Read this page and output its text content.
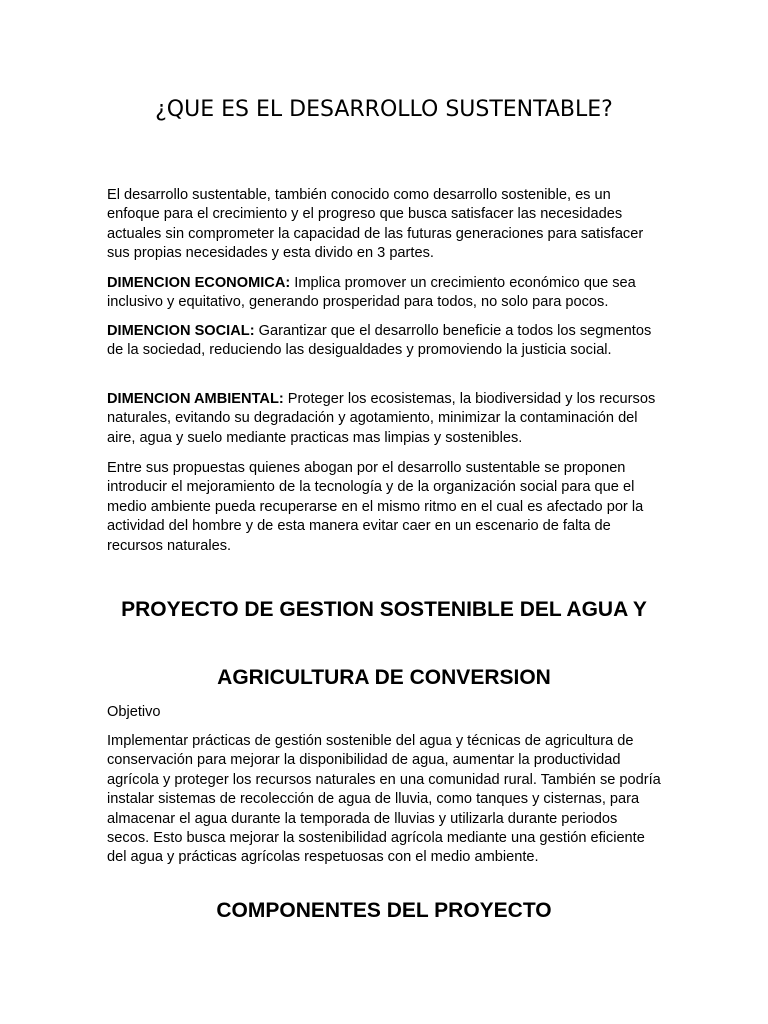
¿QUE ES EL DESARROLLO SUSTENTABLE?

El desarrollo sustentable, también conocido como desarrollo sostenible, es un enfoque para el crecimiento y el progreso que busca satisfacer las necesidades actuales sin comprometer la capacidad de las futuras generaciones para satisfacer sus propias necesidades y esta divido en 3 partes.

DIMENCION ECONOMICA: Implica promover un crecimiento económico que sea inclusivo y equitativo, generando prosperidad para todos, no solo para pocos.

DIMENCION SOCIAL: Garantizar que el desarrollo beneficie a todos los segmentos de la sociedad, reduciendo las desigualdades y promoviendo la justicia social.

DIMENCION AMBIENTAL: Proteger los ecosistemas, la biodiversidad y los recursos naturales, evitando su degradación y agotamiento, minimizar la contaminación del aire, agua y suelo mediante practicas mas limpias y sostenibles.

Entre sus propuestas quienes abogan por el desarrollo sustentable se proponen introducir el mejoramiento de la tecnología y de la organización social para que el medio ambiente pueda recuperarse en el mismo ritmo en el cual es afectado por la actividad del hombre y de esta manera evitar caer en un escenario de falta de recursos naturales.

PROYECTO DE GESTION SOSTENIBLE DEL AGUA Y
AGRICULTURA DE CONVERSION

Objetivo

Implementar prácticas de gestión sostenible del agua y técnicas de agricultura de conservación para mejorar la disponibilidad de agua, aumentar la productividad agrícola y proteger los recursos naturales en una comunidad rural. También se podría instalar sistemas de recolección de agua de lluvia, como tanques y cisternas, para almacenar el agua durante la temporada de lluvias y utilizarla durante periodos secos. Esto busca mejorar la sostenibilidad agrícola mediante una gestión eficiente del agua y prácticas agrícolas respetuosas con el medio ambiente.

COMPONENTES DEL PROYECTO
